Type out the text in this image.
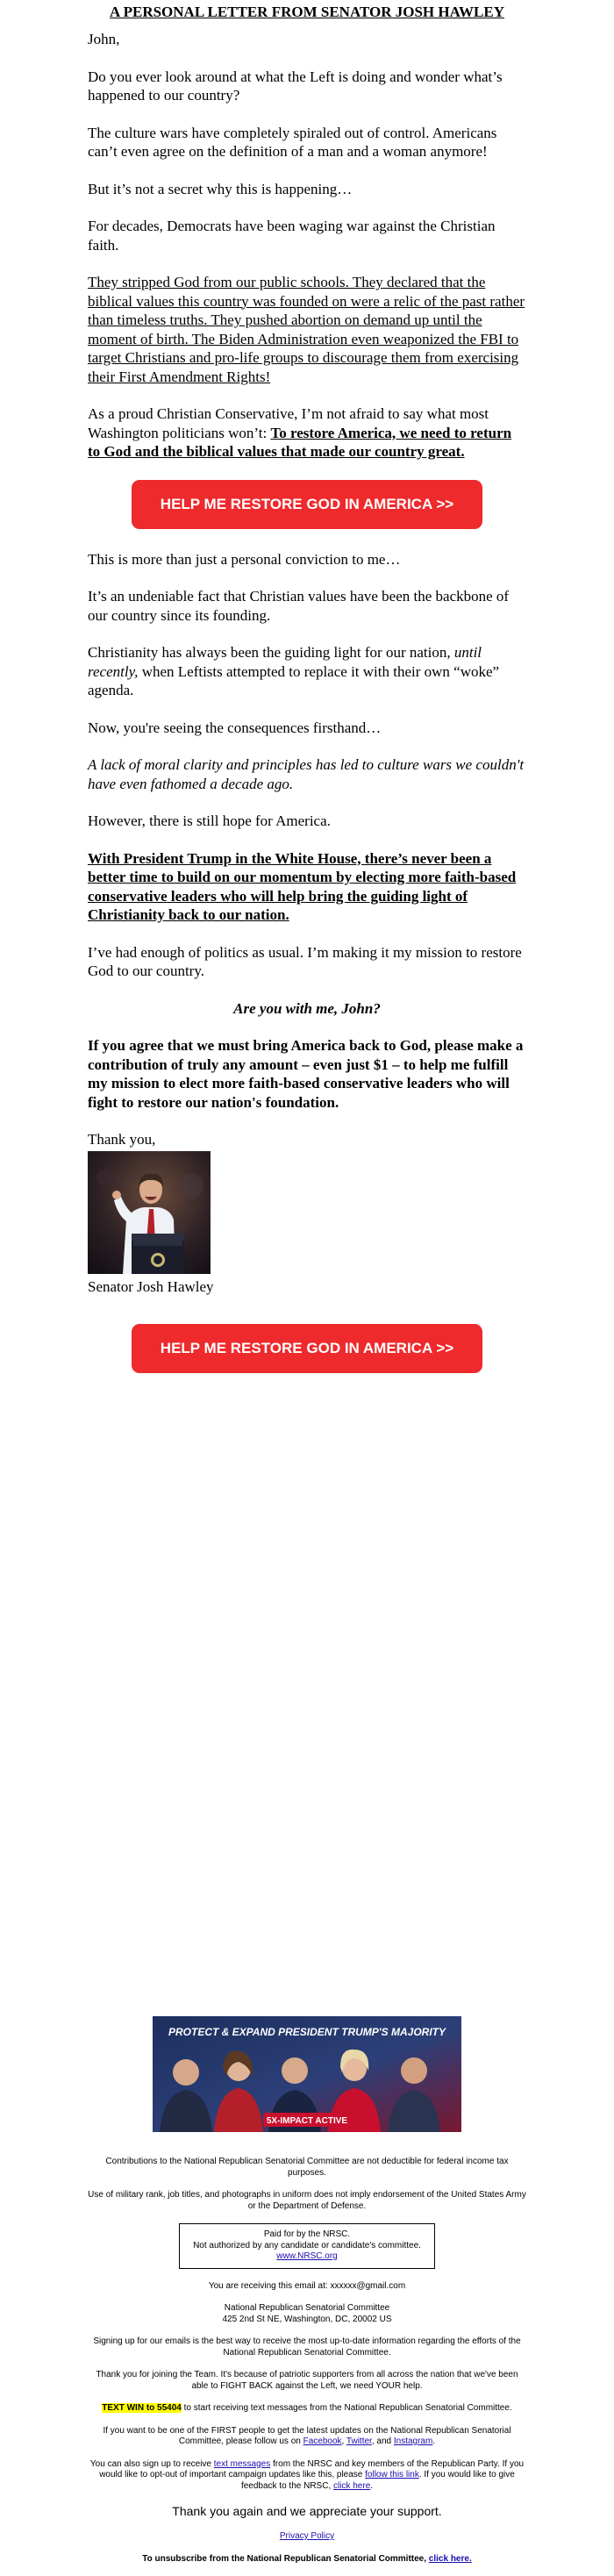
A PERSONAL LETTER FROM SENATOR JOSH HAWLEY

John,

Do you ever look around at what the Left is doing and wonder what’s happened to our country?

The culture wars have completely spiraled out of control. Americans can’t even agree on the definition of a man and a woman anymore!

But it’s not a secret why this is happening…

For decades, Democrats have been waging war against the Christian faith.

They stripped God from our public schools. They declared that the biblical values this country was founded on were a relic of the past rather than timeless truths. They pushed abortion on demand up until the moment of birth. The Biden Administration even weaponized the FBI to target Christians and pro-life groups to discourage them from exercising their First Amendment Rights!

As a proud Christian Conservative, I’m not afraid to say what most Washington politicians won’t: To restore America, we need to return to God and the biblical values that made our country great.

HELP ME RESTORE GOD IN AMERICA >>

This is more than just a personal conviction to me…

It’s an undeniable fact that Christian values have been the backbone of our country since its founding.

Christianity has always been the guiding light for our nation, until recently, when Leftists attempted to replace it with their own “woke” agenda.

Now, you're seeing the consequences firsthand…

A lack of moral clarity and principles has led to culture wars we couldn't have even fathomed a decade ago.

However, there is still hope for America.

With President Trump in the White House, there’s never been a better time to build on our momentum by electing more faith-based conservative leaders who will help bring the guiding light of Christianity back to our nation.

I’ve had enough of politics as usual. I’m making it my mission to restore God to our country.

Are you with me, John?

If you agree that we must bring America back to God, please make a contribution of truly any amount – even just $1 – to help me fulfill my mission to elect more faith-based conservative leaders who will fight to restore our nation's foundation.

Thank you,
Senator Josh Hawley
HELP ME RESTORE GOD IN AMERICA >>
PROTECT & EXPAND PRESIDENT TRUMP'S MAJORITY
5X-IMPACT ACTIVE

Contributions to the National Republican Senatorial Committee are not deductible for federal income tax purposes.

Use of military rank, job titles, and photographs in uniform does not imply endorsement of the United States Army or the Department of Defense.

Paid for by the NRSC.
Not authorized by any candidate or candidate's committee.
www.NRSC.org

You are receiving this email at: xxxxxx@gmail.com

National Republican Senatorial Committee
425 2nd St NE, Washington, DC, 20002 US

Signing up for our emails is the best way to receive the most up-to-date information regarding the efforts of the National Republican Senatorial Committee.

Thank you for joining the Team. It's because of patriotic supporters from all across the nation that we've been able to FIGHT BACK against the Left, we need YOUR help.

TEXT WIN to 55404 to start receiving text messages from the National Republican Senatorial Committee.

If you want to be one of the FIRST people to get the latest updates on the National Republican Senatorial Committee, please follow us on Facebook, Twitter, and Instagram.

You can also sign up to receive text messages from the NRSC and key members of the Republican Party. If you would like to opt-out of important campaign updates like this, please follow this link. If you would like to give feedback to the NRSC, click here.

Thank you again and we appreciate your support.

Privacy Policy

To unsubscribe from the National Republican Senatorial Committee, click here.
